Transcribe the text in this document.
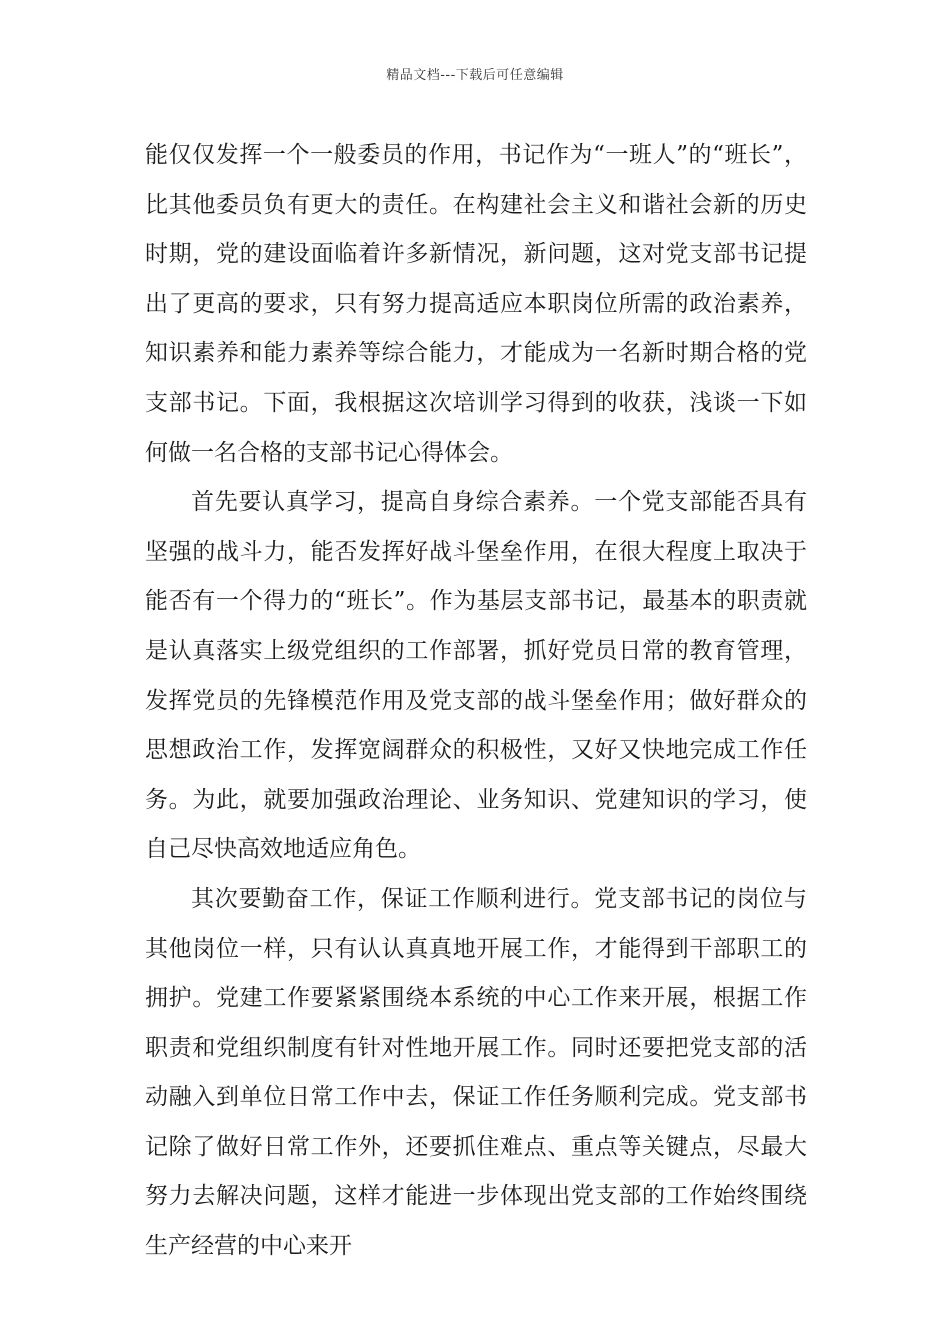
精品文档---下载后可任意编辑

能仅仅发挥一个一般委员的作用，书记作为“一班人”的“班长”，比其他委员负有更大的责任。在构建社会主义和谐社会新的历史时期，党的建设面临着许多新情况，新问题，这对党支部书记提出了更高的要求，只有努力提高适应本职岗位所需的政治素养，知识素养和能力素养等综合能力，才能成为一名新时期合格的党支部书记。下面，我根据这次培训学习得到的收获，浅谈一下如何做一名合格的支部书记心得体会。

首先要认真学习，提高自身综合素养。一个党支部能否具有坚强的战斗力，能否发挥好战斗堡垒作用，在很大程度上取决于能否有一个得力的“班长”。作为基层支部书记，最基本的职责就是认真落实上级党组织的工作部署，抓好党员日常的教育管理，发挥党员的先锋模范作用及党支部的战斗堡垒作用；做好群众的思想政治工作，发挥宽阔群众的积极性，又好又快地完成工作任务。为此，就要加强政治理论、业务知识、党建知识的学习，使自己尽快高效地适应角色。

其次要勤奋工作，保证工作顺利进行。党支部书记的岗位与其他岗位一样，只有认认真真地开展工作，才能得到干部职工的拥护。党建工作要紧紧围绕本系统的中心工作来开展，根据工作职责和党组织制度有针对性地开展工作。同时还要把党支部的活动融入到单位日常工作中去，保证工作任务顺利完成。党支部书记除了做好日常工作外，还要抓住难点、重点等关键点，尽最大努力去解决问题，这样才能进一步体现出党支部的工作始终围绕生产经营的中心来开
